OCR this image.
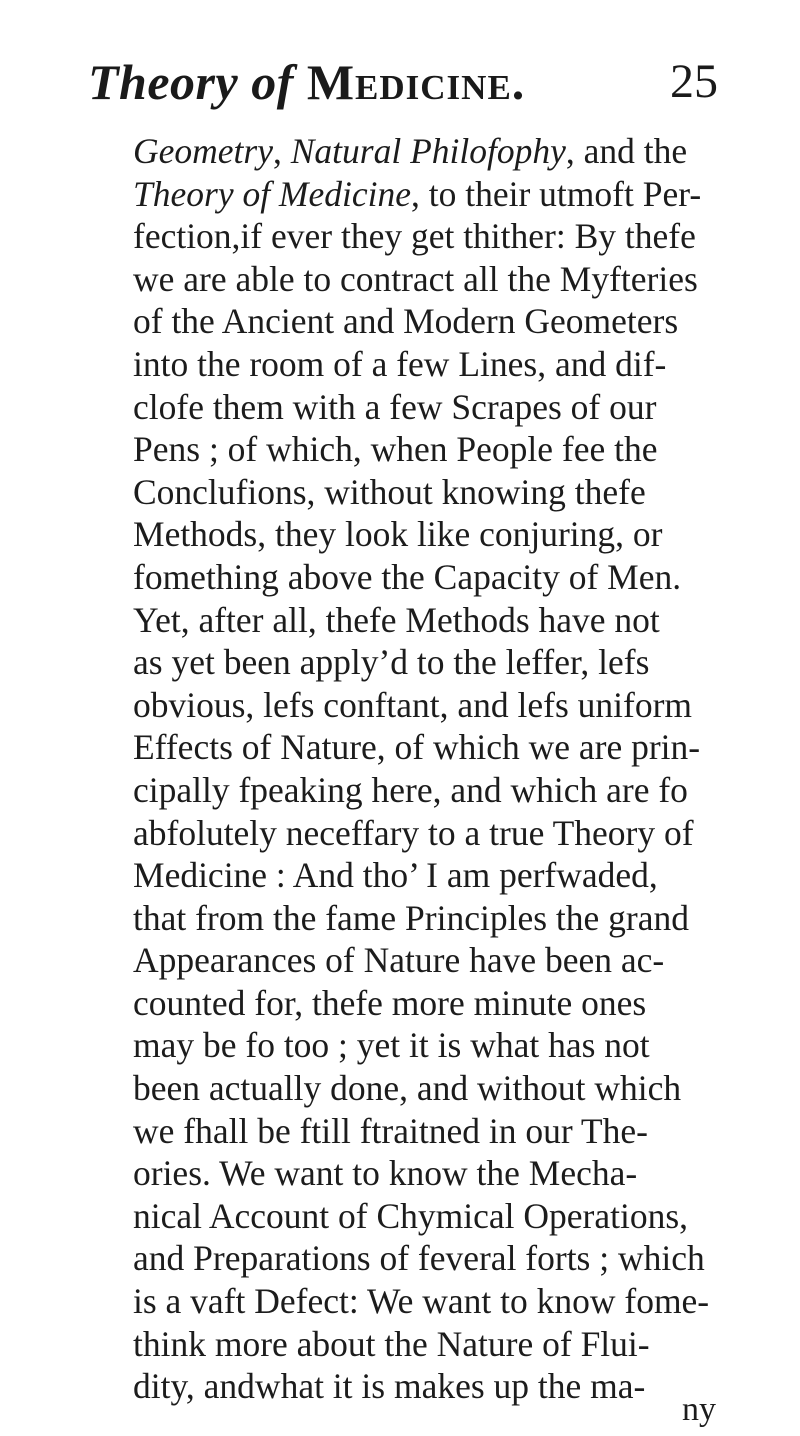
Theory of Medicine.	25
Geometry, Natural Philofophy, and the
Theory of Medicine, to their utmoft Per-
fection,if ever they get thither: By thefe
we are able to contract all the Myfteries
of the Ancient and Modern Geometers
into the room of a few Lines, and dif-
clofe them with a few Scrapes of our
Pens ; of which, when People fee the
Conclufions, without knowing thefe
Methods, they look like conjuring, or
fomething above the Capacity of Men.
Yet, after all, thefe Methods have not
as yet been apply’d to the leffer, lefs
obvious, lefs conftant, and lefs uniform
Effects of Nature, of which we are prin-
cipally fpeaking here, and which are fo
abfolutely neceffary to a true Theory of
Medicine : And tho’ I am perfwaded,
that from the fame Principles the grand
Appearances of Nature have been ac-
counted for, thefe more minute ones
may be fo too ; yet it is what has not
been actually done, and without which
we fhall be ftill ftraitned in our The-
ories. We want to know the Mecha-
nical Account of Chymical Operations,
and Preparations of feveral forts ; which
is a vaft Defect: We want to know fome-
think more about the Nature of Flui-
dity, andwhat it is makes up the ma-
ny
